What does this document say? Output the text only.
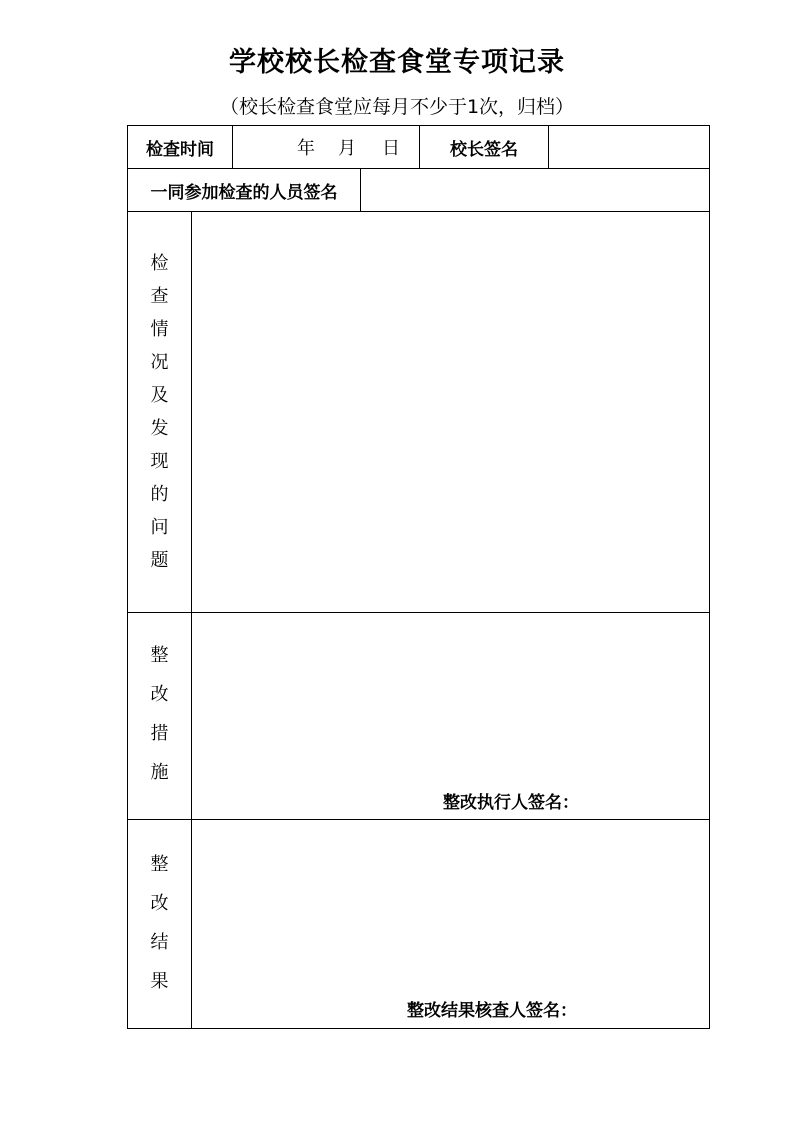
学校校长检查食堂专项记录
（校长检查食堂应每月不少于1次，归档）
检查时间	年 月 日	校长签名
一同参加检查的人员签名
检
查
情
况
及
发
现
的
问
题
整
改
措
施
整改执行人签名：
整
改
结
果
整改结果核查人签名：
